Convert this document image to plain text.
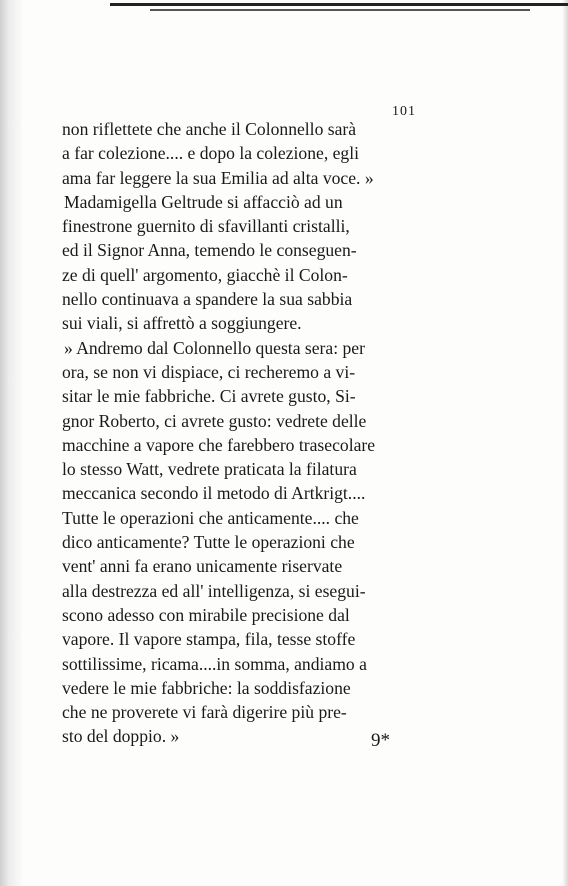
101
non riflettete che anche il Colonnello sarà
a far colezione.... e dopo la colezione, egli
ama far leggere la sua Emilia ad alta voce. »
Madamigella Geltrude si affacciò ad un
finestrone guernito di sfavillanti cristalli,
ed il Signor Anna, temendo le conseguen-
ze di quell' argomento, giacchè il Colon-
nello continuava a spandere la sua sabbia
sui viali, si affrettò a soggiungere.
» Andremo dal Colonnello questa sera: per
ora, se non vi dispiace, ci recheremo a vi-
sitar le mie fabbriche. Ci avrete gusto, Si-
gnor Roberto, ci avrete gusto: vedrete delle
macchine a vapore che farebbero trasecolare
lo stesso Watt, vedrete praticata la filatura
meccanica secondo il metodo di Artkrigt....
Tutte le operazioni che anticamente.... che
dico anticamente? Tutte le operazioni che
vent' anni fa erano unicamente riservate
alla destrezza ed all' intelligenza, si esegui-
scono adesso con mirabile precisione dal
vapore. Il vapore stampa, fila, tesse stoffe
sottilissime, ricama....in somma, andiamo a
vedere le mie fabbriche: la soddisfazione
che ne proverete vi farà digerire più pre-
sto del doppio. »	9*
